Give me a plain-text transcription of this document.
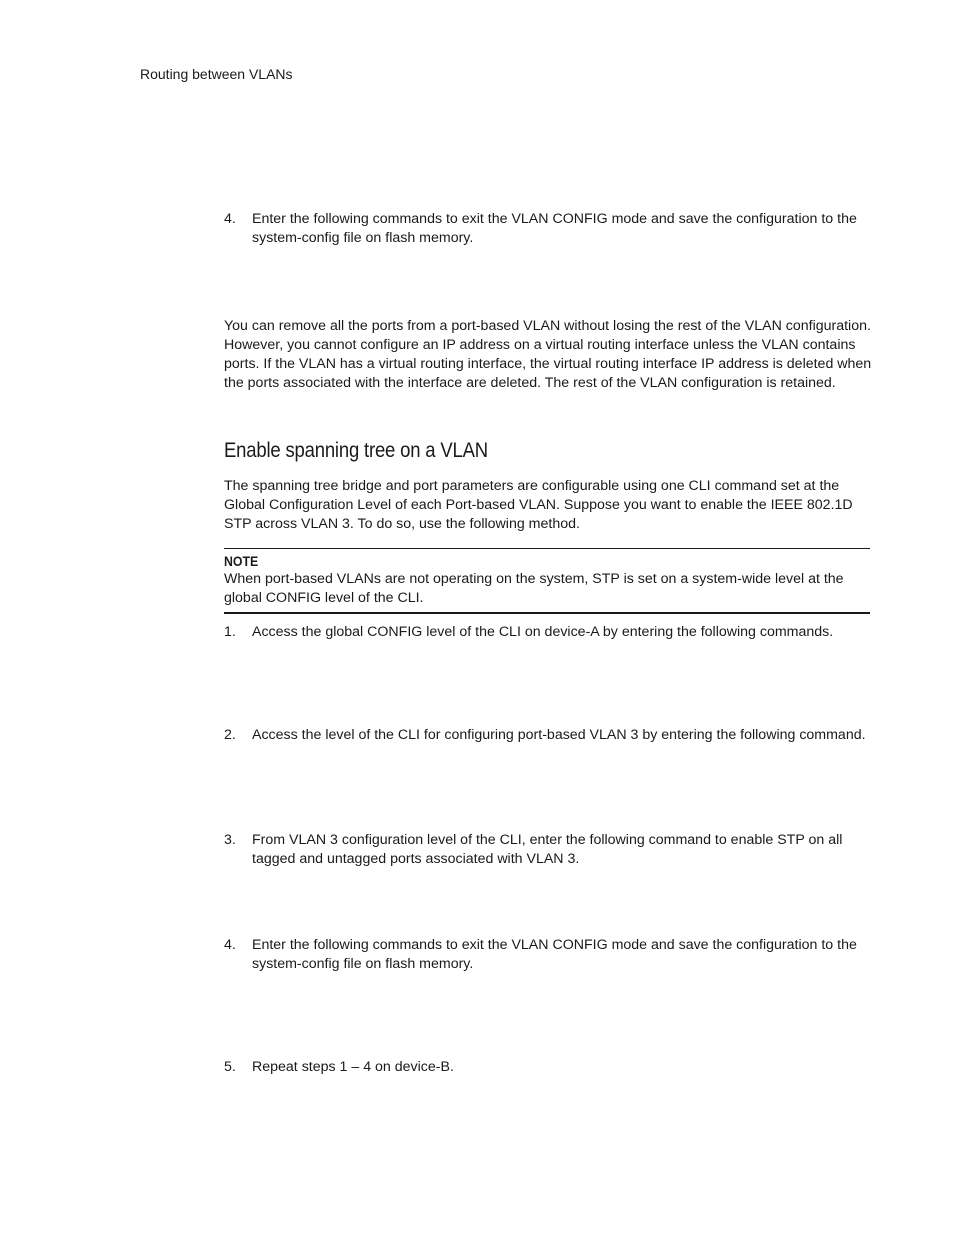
Routing between VLANs
4.	Enter the following commands to exit the VLAN CONFIG mode and save the configuration to the system-config file on flash memory.
You can remove all the ports from a port-based VLAN without losing the rest of the VLAN configuration. However, you cannot configure an IP address on a virtual routing interface unless the VLAN contains ports. If the VLAN has a virtual routing interface, the virtual routing interface IP address is deleted when the ports associated with the interface are deleted. The rest of the VLAN configuration is retained.
Enable spanning tree on a VLAN
The spanning tree bridge and port parameters are configurable using one CLI command set at the Global Configuration Level of each Port-based VLAN. Suppose you want to enable the IEEE 802.1D STP across VLAN 3. To do so, use the following method.
NOTE
When port-based VLANs are not operating on the system, STP is set on a system-wide level at the global CONFIG level of the CLI.
1.	Access the global CONFIG level of the CLI on device-A by entering the following commands.
2.	Access the level of the CLI for configuring port-based VLAN 3 by entering the following command.
3.	From VLAN 3 configuration level of the CLI, enter the following command to enable STP on all tagged and untagged ports associated with VLAN 3.
4.	Enter the following commands to exit the VLAN CONFIG mode and save the configuration to the system-config file on flash memory.
5.	Repeat steps 1 – 4 on device-B.
